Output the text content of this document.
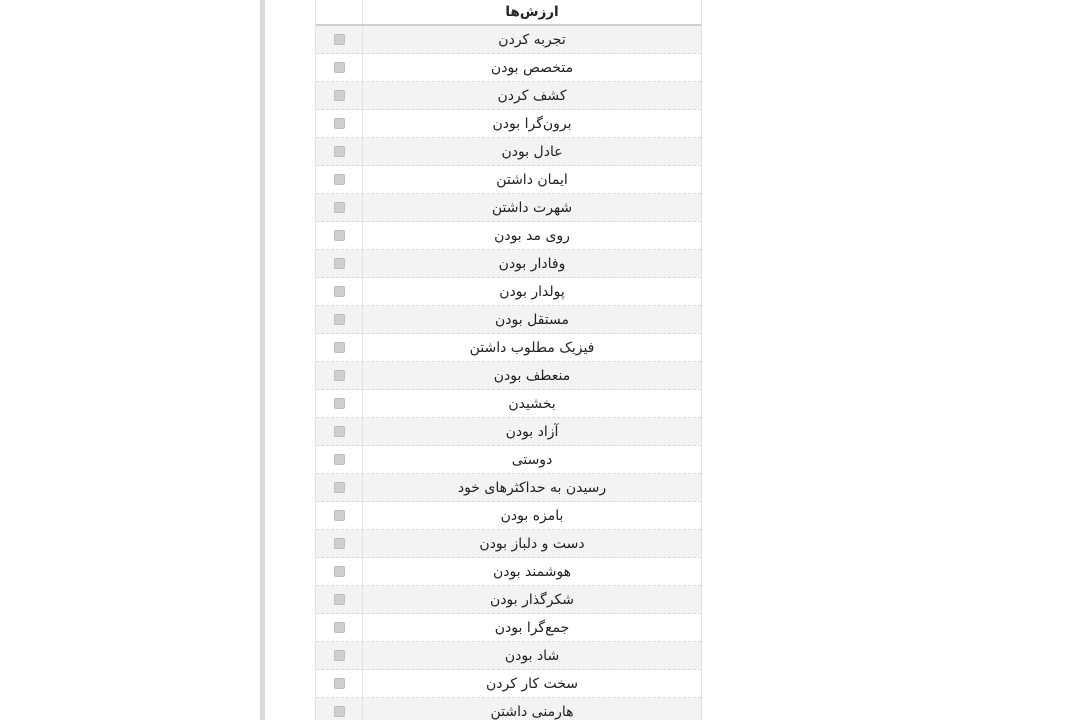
ارزش‌ها
تجربه کردن
متخصص بودن
کشف کردن
برون‌گرا بودن
عادل بودن
ایمان داشتن
شهرت داشتن
روی مد بودن
وفادار بودن
پولدار بودن
مستقل بودن
فیزیک مطلوب داشتن
منعطف بودن
بخشیدن
آزاد بودن
دوستی
رسیدن به حداکثرهای خود
بامزه بودن
دست و دلباز بودن
هوشمند بودن
شکرگذار بودن
جمع‌گرا بودن
شاد بودن
سخت کار کردن
هارمنی داشتن
